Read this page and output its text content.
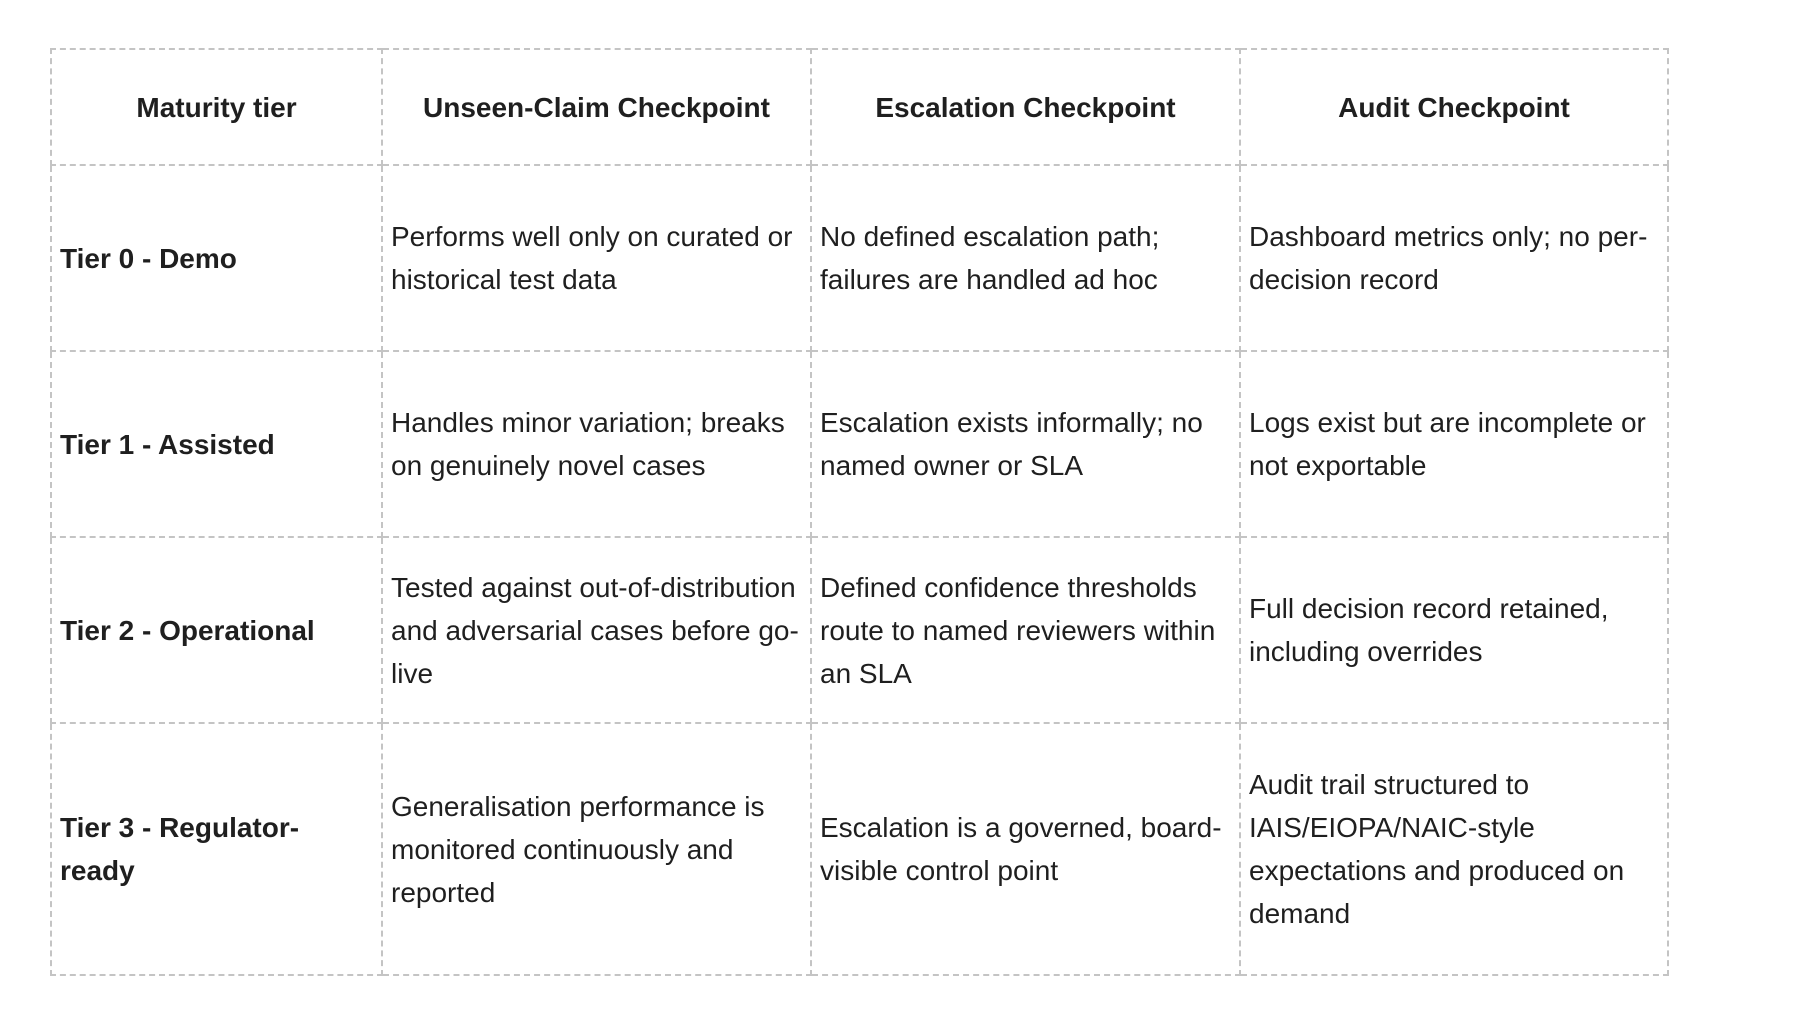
Maturity tier	Unseen-Claim Checkpoint	Escalation Checkpoint	Audit Checkpoint
Tier 0 - Demo	Performs well only on curated or historical test data	No defined escalation path; failures are handled ad hoc	Dashboard metrics only; no per-decision record
Tier 1 - Assisted	Handles minor variation; breaks on genuinely novel cases	Escalation exists informally; no named owner or SLA	Logs exist but are incomplete or not exportable
Tier 2 - Operational	Tested against out-of-distribution and adversarial cases before go-live	Defined confidence thresholds route to named reviewers within an SLA	Full decision record retained, including overrides
Tier 3 - Regulator-ready	Generalisation performance is monitored continuously and reported	Escalation is a governed, board-visible control point	Audit trail structured to IAIS/EIOPA/NAIC-style expectations and produced on demand
